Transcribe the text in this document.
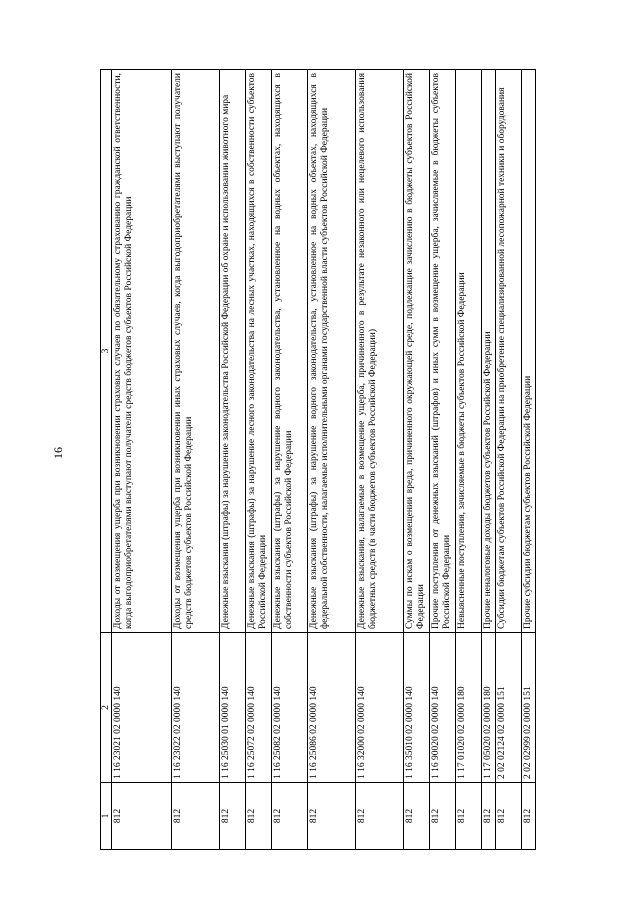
16
1	2	3
812	1 16 23021 02 0000 140	Доходы от возмещения ущерба при возникновении страховых случаев по обязательному страхованию гражданской ответственности, когда выгодоприобретателями выступают получатели средств бюджетов субъектов Российской Федерации
812	1 16 23022 02 0000 140	Доходы от возмещения ущерба при возникновении иных страховых случаев, когда выгодоприобретателями выступают получатели средств бюджетов субъектов Российской Федерации
812	1 16 25030 01 0000 140	Денежные взыскания (штрафы) за нарушение законодательства Российской Федерации об охране и использовании животного мира
812	1 16 25072 02 0000 140	Денежные взыскания (штрафы) за нарушение лесного законодательства на лесных участках, находящихся в собственности субъектов Российской Федерации
812	1 16 25082 02 0000 140	Денежные взыскания (штрафы) за нарушение водного законодательства, установленное на водных объектах, находящихся в собственности субъектов Российской Федерации
812	1 16 25086 02 0000 140	Денежные взыскания (штрафы) за нарушение водного законодательства, установленное на водных объектах, находящихся в федеральной собственности, налагаемые исполнительными органами государственной власти субъектов Российской Федерации
812	1 16 32000 02 0000 140	Денежные взыскания, налагаемые в возмещение ущерба, причиненного в результате незаконного или нецелевого использования бюджетных средств (в части бюджетов субъектов Российской Федерации)
812	1 16 35010 02 0000 140	Суммы по искам о возмещении вреда, причиненного окружающей среде, подлежащие зачислению в бюджеты субъектов Российской Федерации
812	1 16 90020 02 0000 140	Прочие поступления от денежных взысканий (штрафов) и иных сумм в возмещение ущерба, зачисляемые в бюджеты субъектов Российской Федерации
812	1 17 01020 02 0000 180	Невыясненные поступления, зачисляемые в бюджеты субъектов Российской Федерации
812	1 17 05020 02 0000 180	Прочие неналоговые доходы бюджетов субъектов Российской Федерации
812	2 02 02124 02 0000 151	Субсидии бюджетам субъектов Российской Федерации на приобретение специализированной лесопожарной техники и оборудования
812	2 02 02999 02 0000 151	Прочие субсидии бюджетам субъектов Российской Федерации
